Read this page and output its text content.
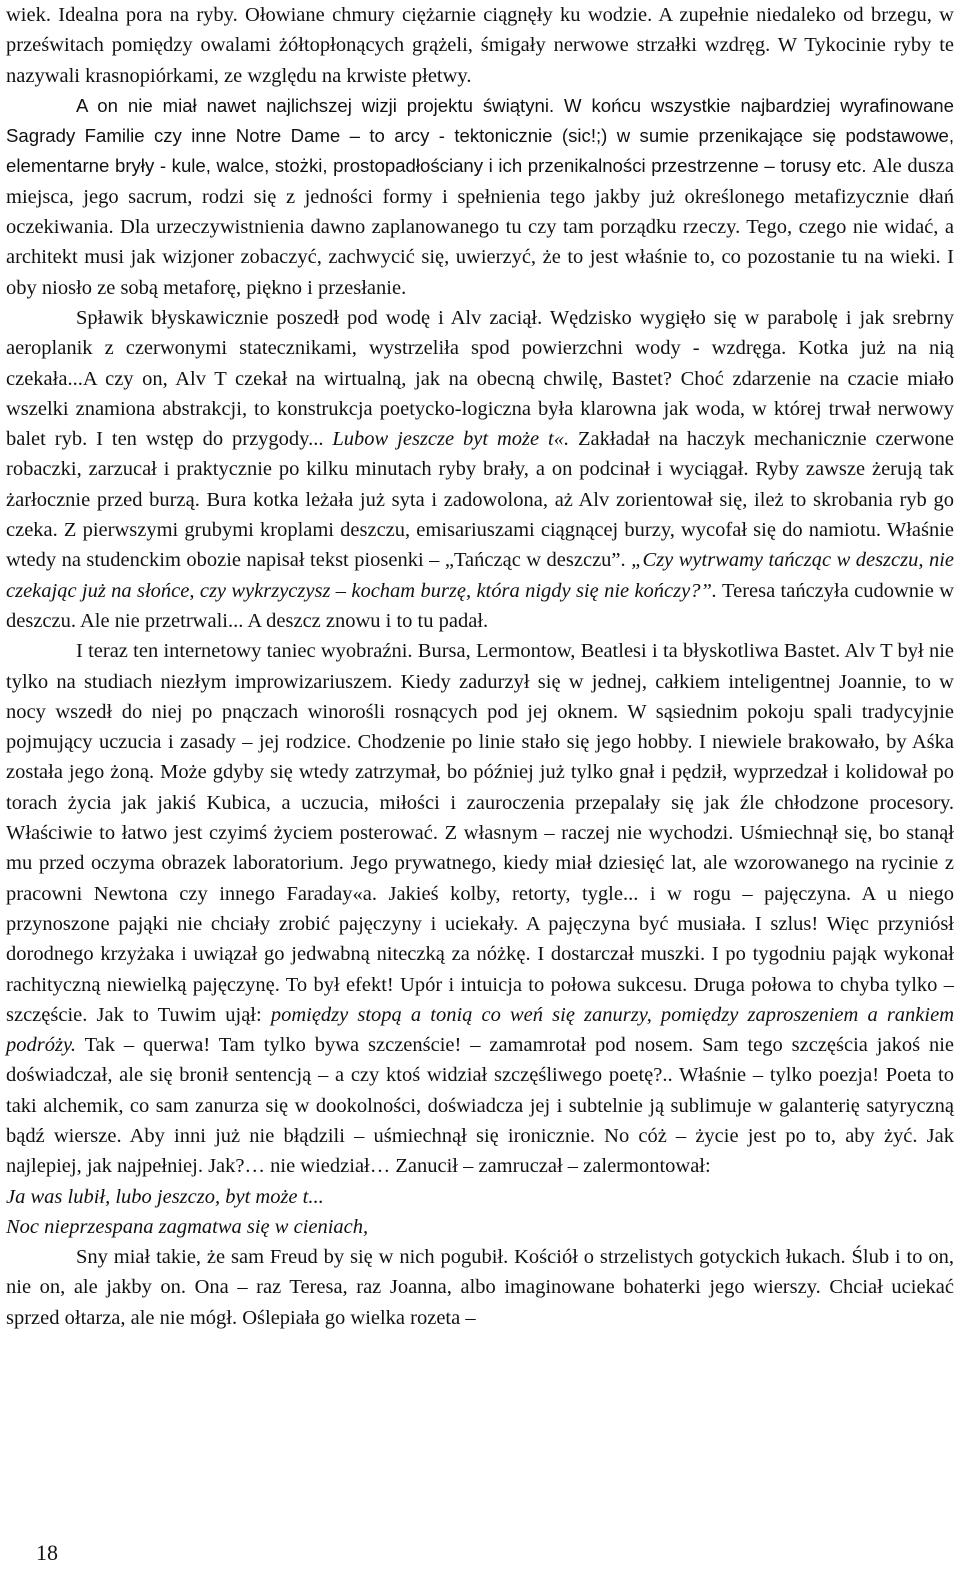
wiek. Idealna pora na ryby. Ołowiane chmury ciężarnie ciągnęły ku wodzie. A zupełnie niedaleko od brzegu, w prześwitach pomiędzy owalami żółtopłonących grążeli, śmigały nerwowe strzałki wzdręg. W Tykocinie ryby te nazywali krasnopiórkami, ze względu na krwiste płetwy.

A on nie miał nawet najlichszej wizji projektu świątyni. W końcu wszystkie najbardziej wyrafinowane Sagrady Familie czy inne Notre Dame – to arcy - tektonicznie (sic!;) w sumie przenikające się podstawowe, elementarne bryły - kule, walce, stożki, prostopadłościany i ich przenikalności przestrzenne – torusy etc. Ale dusza miejsca, jego sacrum, rodzi się z jedności formy i spełnienia tego jakby już określonego metafizycznie dłań oczekiwania. Dla urzeczywistnienia dawno zaplanowanego tu czy tam porządku rzeczy. Tego, czego nie widać, a architekt musi jak wizjoner zobaczyć, zachwycić się, uwierzyć, że to jest właśnie to, co pozostanie tu na wieki. I oby niosło ze sobą metaforę, piękno i przesłanie.

Spławik błyskawicznie poszedł pod wodę i Alv zaciął. Wędzisko wygięło się w parabolę i jak srebrny aeroplanik z czerwonymi statecznikami, wystrzeliła spod powierzchni wody - wzdręga. Kotka już na nią czekała...A czy on, Alv T czekał na wirtualną, jak na obecną chwilę, Bastet? Choć zdarzenie na czacie miało wszelki znamiona abstrakcji, to konstrukcja poetycko-logiczna była klarowna jak woda, w której trwał nerwowy balet ryb. I ten wstęp do przygody... Lubow jeszcze byt może t«. Zakładał na haczyk mechanicznie czerwone robaczki, zarzucał i praktycznie po kilku minutach ryby brały, a on podcinał i wyciągał. Ryby zawsze żerują tak żarłocznie przed burzą. Bura kotka leżała już syta i zadowolona, aż Alv zorientował się, ileż to skrobania ryb go czeka. Z pierwszymi grubymi kroplami deszczu, emisariuszami ciągnącej burzy, wycofał się do namiotu. Właśnie wtedy na studenckim obozie napisał tekst piosenki – „Tańcząc w deszczu”. „Czy wytrwamy tańcząc w deszczu, nie czekając już na słońce, czy wykrzyczysz – kocham burzę, która nigdy się nie kończy?”. Teresa tańczyła cudownie w deszczu. Ale nie przetrwali... A deszcz znowu i to tu padał.

I teraz ten internetowy taniec wyobraźni. Bursa, Lermontow, Beatlesi i ta błyskotliwa Bastet. Alv T był nie tylko na studiach niezłym improwizariuszem. Kiedy zadurzył się w jednej, całkiem inteligentnej Joannie, to w nocy wszedł do niej po pnączach winorośli rosnących pod jej oknem. W sąsiednim pokoju spali tradycyjnie pojmujący uczucia i zasady – jej rodzice. Chodzenie po linie stało się jego hobby. I niewiele brakowało, by Aśka została jego żoną. Może gdyby się wtedy zatrzymał, bo później już tylko gnał i pędził, wyprzedzał i kolidował po torach życia jak jakiś Kubica, a uczucia, miłości i zauroczenia przepalały się jak źle chłodzone procesory. Właściwie to łatwo jest czyimś życiem posterować. Z własnym – raczej nie wychodzi. Uśmiechnął się, bo stanął mu przed oczyma obrazek laboratorium. Jego prywatnego, kiedy miał dziesięć lat, ale wzorowanego na rycinie z pracowni Newtona czy innego Faraday«a. Jakieś kolby, retorty, tygle... i w rogu – pajęczyna. A u niego przynoszone pająki nie chciały zrobić pajęczyny i uciekały. A pajęczyna być musiała. I szlus! Więc przyniósł dorodnego krzyżaka i uwiązał go jedwabną niteczką za nóżkę. I dostarczał muszki. I po tygodniu pająk wykonał rachityczną niewielką pajęczynę. To był efekt! Upór i intuicja to połowa sukcesu. Druga połowa to chyba tylko – szczęście. Jak to Tuwim ujął: pomiędzy stopą a tonią co weń się zanurzy, pomiędzy zaproszeniem a rankiem podróży. Tak – querwa! Tam tylko bywa szczenście! – zamamrotał pod nosem. Sam tego szczęścia jakoś nie doświadczał, ale się bronił sentencją – a czy ktoś widział szczęśliwego poetę?.. Właśnie – tylko poezja! Poeta to taki alchemik, co sam zanurza się w dookolności, doświadcza jej i subtelnie ją sublimuje w galanterię satyryczną bądź wiersze. Aby inni już nie błądzili – uśmiechnął się ironicznie. No cóż – życie jest po to, aby żyć. Jak najlepiej, jak najpełniej. Jak?… nie wiedział… Zanucił – zamruczał – zalermontował:

Ja was lubił, lubo jeszczo, byt może t...

Noc nieprzespana zagmatwa się w cieniach,

Sny miał takie, że sam Freud by się w nich pogubił. Kościół o strzelistych gotyckich łukach. Ślub i to on, nie on, ale jakby on. Ona – raz Teresa, raz Joanna, albo imaginowane bohaterki jego wierszy. Chciał uciekać sprzed ołtarza, ale nie mógł. Oślepiała go wielka rozeta –

18
